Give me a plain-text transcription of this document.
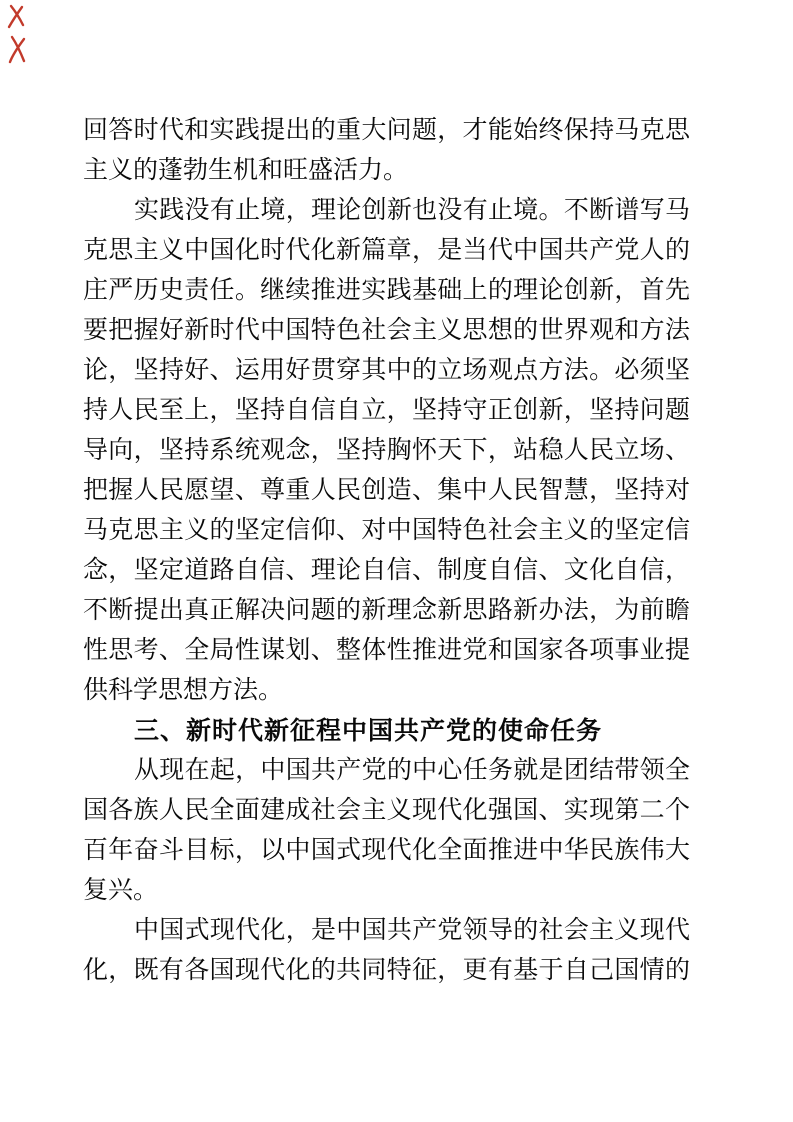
回答时代和实践提出的重大问题，才能始终保持马克思
主义的蓬勃生机和旺盛活力。
实践没有止境，理论创新也没有止境。不断谱写马
克思主义中国化时代化新篇章，是当代中国共产党人的
庄严历史责任。继续推进实践基础上的理论创新，首先
要把握好新时代中国特色社会主义思想的世界观和方法
论，坚持好、运用好贯穿其中的立场观点方法。必须坚
持人民至上，坚持自信自立，坚持守正创新，坚持问题
导向，坚持系统观念，坚持胸怀天下，站稳人民立场、
把握人民愿望、尊重人民创造、集中人民智慧，坚持对
马克思主义的坚定信仰、对中国特色社会主义的坚定信
念，坚定道路自信、理论自信、制度自信、文化自信，
不断提出真正解决问题的新理念新思路新办法，为前瞻
性思考、全局性谋划、整体性推进党和国家各项事业提
供科学思想方法。
三、新时代新征程中国共产党的使命任务
从现在起，中国共产党的中心任务就是团结带领全
国各族人民全面建成社会主义现代化强国、实现第二个
百年奋斗目标，以中国式现代化全面推进中华民族伟大
复兴。
中国式现代化，是中国共产党领导的社会主义现代
化，既有各国现代化的共同特征，更有基于自己国情的
